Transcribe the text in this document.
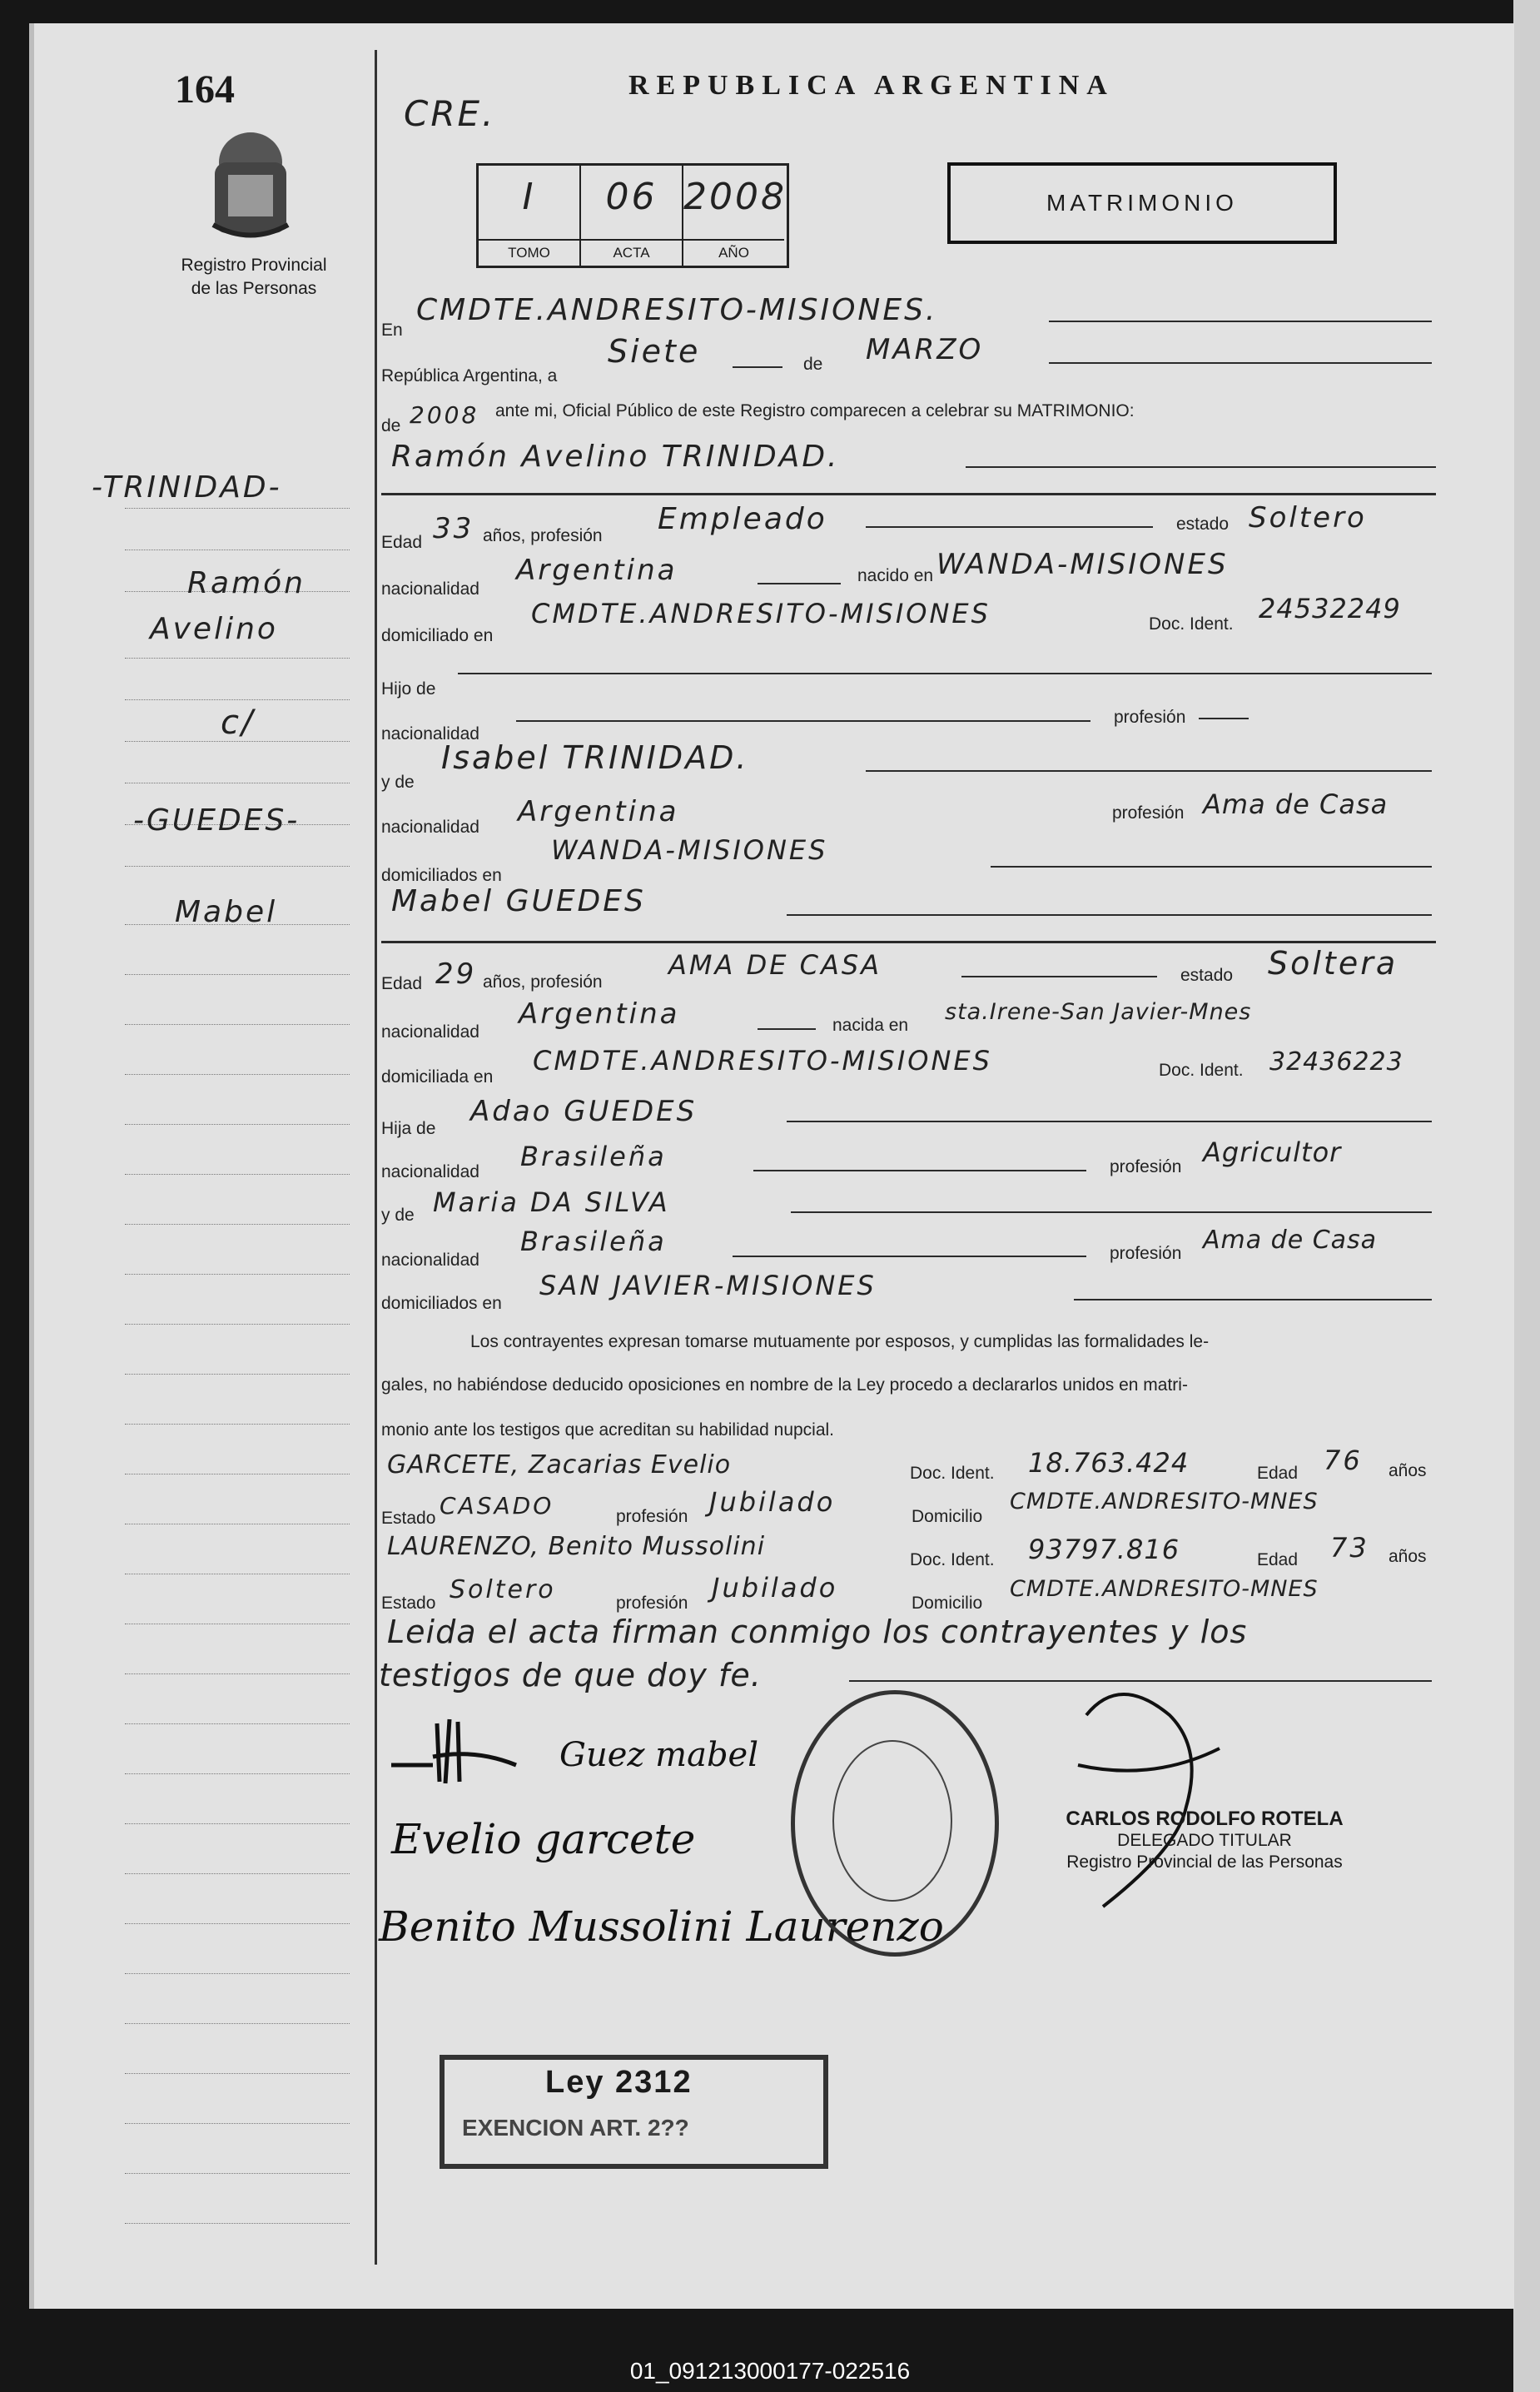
164
Registro Provincial
de las Personas
REPUBLICA ARGENTINA
CRE.
MATRIMONIO
I
TOMO
06
ACTA
2008
AÑO
-TRINIDAD-
Ramón
Avelino
c/
-GUEDES-
Mabel
En
CMDTE.ANDRESITO-MISIONES.
República Argentina, a
Siete	de MARZO
de 2008 ante mi, Oficial Público de este Registro comparecen a celebrar su MATRIMONIO:
Ramón Avelino TRINIDAD.
Edad 33 años, profesión Empleado	estado Soltero
nacionalidad
Argentina	nacido en WANDA-MISIONES
domiciliado en
CMDTE.ANDRESITO-MISIONES	Doc. Ident. 24532249
Hijo de
nacionalidad
profesión
y de
Isabel TRINIDAD.
nacionalidad Argentina	profesión Ama de Casa
domiciliados en
WANDA-MISIONES
Mabel GUEDES
Edad 29 años, profesión
AMA DE CASA	estado Soltera
nacionalidad
Argentina	nacida en
sta.Irene-San Javier-Mnes
domiciliada en
CMDTE.ANDRESITO-MISIONES	Doc. Ident. 32436223
Hija de
Adao GUEDES
nacionalidad Brasileña	profesión Agricultor
y de Maria DA SILVA
nacionalidad
Brasileña	profesión Ama de Casa
domiciliados en
SAN JAVIER-MISIONES
Los contrayentes expresan tomarse mutuamente por esposos, y cumplidas las formalidades le-
gales, no habiéndose deducido oposiciones en nombre de la Ley procedo a declararlos unidos en matri-
monio ante los testigos que acreditan su habilidad nupcial.
GARCETE, Zacarias Evelio	Doc. Ident. 18.763.424	Edad 76 años
Estado CASADO	profesión Jubilado	Domicilio
CMDTE.ANDRESITO-MNES
LAURENZO, Benito Mussolini	Doc. Ident. 93797.816	Edad 73 años
Estado Soltero	profesión Jubilado	Domicilio
CMDTE.ANDRESITO-MNES
Leida el acta firman conmigo los contrayentes y los
testigos de que doy fe.
Guez mabel
Evelio garcete
Benito Mussolini Laurenzo
CARLOS RODOLFO ROTELA
DELEGADO TITULAR
Registro Provincial de las Personas
Ley 2312
EXENCION ART. 2??
01_091213000177-022516
